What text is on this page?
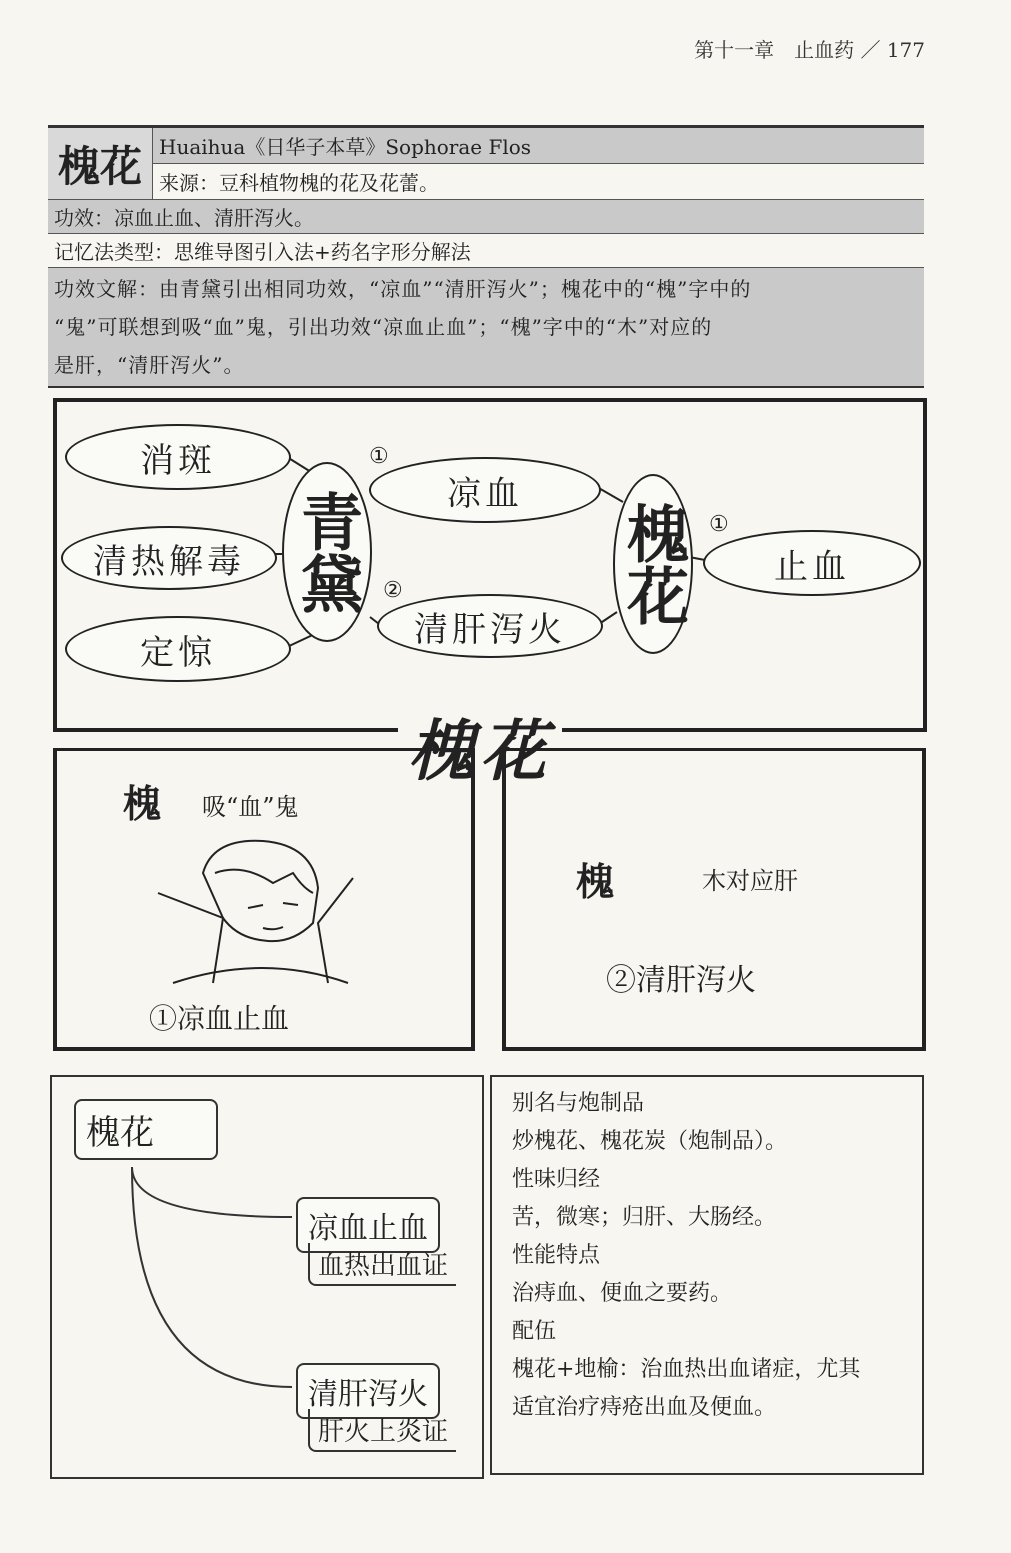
第十一章　止血药 ／ 177
槐花 Huaihua《日华子本草》Sophorae Flos
来源：豆科植物槐的花及花蕾。
功效：凉血止血、清肝泻火。
记忆法类型：思维导图引入法+药名字形分解法
功效文解：由青黛引出相同功效，“凉血”“清肝泻火”；槐花中的“槐”字中的
“鬼”可联想到吸“血”鬼，引出功效“凉血止血”；“槐”字中的“木”对应的
是肝，“清肝泻火”。
消斑
清热解毒
定惊
青黛
①
凉血
②
清肝泻火
槐花 ①
止血
槐花
槐 吸“血”鬼
①凉血止血
槐	木对应肝
②清肝泻火
槐花
凉血止血
血热出血证
清肝泻火
肝火上炎证
别名与炮制品
炒槐花、槐花炭（炮制品）。
性味归经
苦，微寒；归肝、大肠经。
性能特点
治痔血、便血之要药。
配伍
槐花+地榆：治血热出血诸症，尤其
适宜治疗痔疮出血及便血。
